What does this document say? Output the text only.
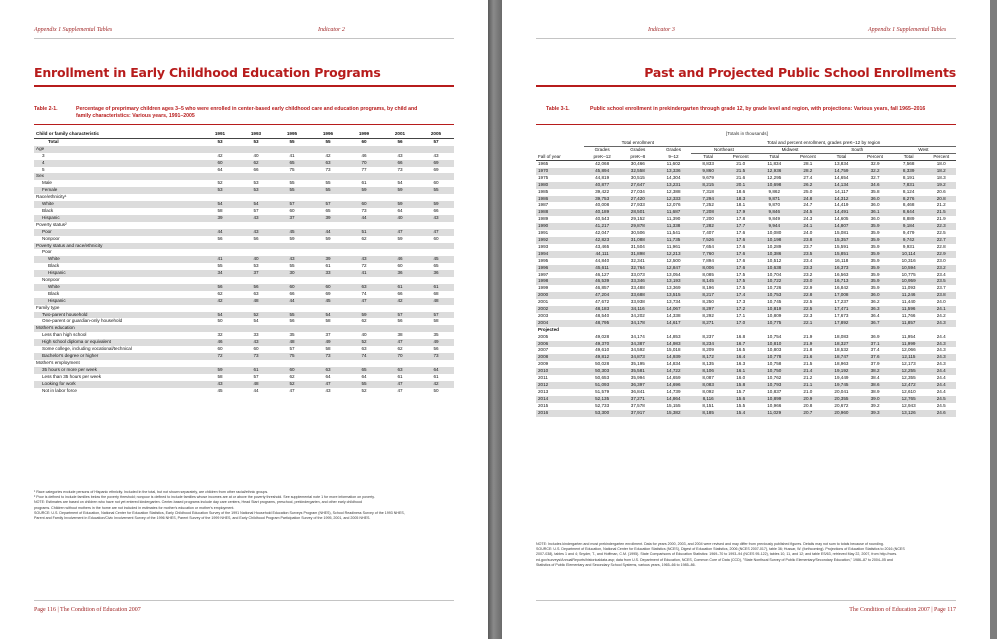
Appendix 1 Supplemental Tables	Indicator 2
Enrollment in Early Childhood Education Programs
Table 2-1.	Percentage of preprimary children ages 3–5 who were enrolled in center-based early childhood care and education programs, by child and
family characteristics: Various years, 1991–2005
Child or family characteristic	1991	1993	1995	1996	1999	2001	2005
Total	53	53	55	55	60	56	57
Age							
3	42	40	41	42	46	43	43
4	60	62	65	63	70	66	69
5	64	66	75	73	77	73	69
Sex							
Male	52	53	55	55	61	54	60
Female	53	53	55	55	59	59	55
Race/ethnicity¹							
White	54	54	57	57	60	59	59
Black	58	57	60	65	73	64	66
Hispanic	39	43	37	39	44	40	43
Poverty status²							
Poor	44	43	45	44	51	47	47
Nonpoor	56	56	59	59	62	59	60
Poverty status and race/ethnicity							
Poor							
White	41	40	43	39	43	46	45
Black	55	53	55	61	72	60	65
Hispanic	34	37	30	33	41	36	36
Nonpoor							
White	56	56	60	60	63	61	61
Black	62	63	66	69	74	66	68
Hispanic	42	48	44	45	47	42	48
Family type							
Two-parent household	54	52	55	54	59	57	57
One-parent or guardian-only household	50	54	56	58	62	56	58
Mother's education							
Less than high school	32	33	35	37	40	38	35
High school diploma or equivalent	46	43	48	49	52	47	49
Some college, including vocational/technical	60	60	57	58	63	62	56
Bachelor's degree or higher	72	73	75	73	74	70	73
Mother's employment							
35 hours or more per week	59	61	60	63	65	63	64
Less than 35 hours per week	58	57	62	64	64	61	61
Looking for work	43	48	52	47	55	47	42
Not in labor force	45	44	47	43	52	47	50
¹ Race categories exclude persons of Hispanic ethnicity. Included in the total, but not shown separately, are children from other racial/ethnic groups.
² Poor is defined to include families below the poverty threshold; nonpoor is defined to include families whose incomes are at or above the poverty threshold. See supplemental note 1 for more information on poverty.
NOTE: Estimates are based on children who have not yet entered kindergarten. Center-based programs include day care centers, Head Start programs, preschool, prekindergarten, and other early childhood
programs. Children without mothers in the home are not included in estimates for mother's education or mother's employment.
SOURCE: U.S. Department of Education, National Center for Education Statistics, Early Childhood Education Survey of the 1991 National Household Education Surveys Program (NHES), School Readiness Survey of the 1993 NHES,
Parent and Family Involvement in Education/Civic Involvement Survey of the 1996 NHES, Parent Survey of the 1999 NHES, and Early Childhood Program Participation Survey of the 1995, 2001, and 2005 NHES.
Page 116 | The Condition of Education 2007
Indicator 3	Appendix 1 Supplemental Tables
Past and Projected Public School Enrollments
Table 3-1.	Public school enrollment in prekindergarten through grade 12, by grade level and region, with projections: Various years, fall 1965–2016
[Totals in thousands]
	Total enrollment			Total and percent enrollment, grades preK–12 by region							
	Grades	Grades	Grades	Northeast		Midwest		South		West	
Fall of year	preK–12	preK–8	9–12	Total	Percent	Total	Percent	Total	Percent	Total	Percent
1965	42,068	30,466	11,602	8,833	21.0	11,834	28.1	13,834	32.9	7,568	18.0
1970	45,894	32,558	13,336	9,860	21.5	12,936	28.2	14,759	32.2	8,339	18.2
1975	44,819	30,515	14,304	9,679	21.6	12,295	27.4	14,654	32.7	8,191	18.3
1980	40,877	27,647	13,231	8,215	20.1	10,698	26.2	14,134	34.6	7,831	19.2
1985	39,422	27,034	12,388	7,318	18.6	9,862	25.0	14,117	35.8	8,124	20.6
1986	39,753	27,420	12,333	7,294	18.3	9,871	24.8	14,312	36.0	8,276	20.8
1987	40,008	27,933	12,076	7,252	18.1	9,870	24.7	14,419	36.0	8,468	21.2
1988	40,189	28,501	11,687	7,208	17.9	9,846	24.5	14,491	36.1	8,644	21.5
1989	40,543	29,152	11,390	7,200	17.8	9,849	24.3	14,605	36.0	8,889	21.9
1990	41,217	29,878	11,338	7,282	17.7	9,944	24.1	14,807	35.9	9,184	22.3
1991	42,047	30,506	11,541	7,407	17.6	10,080	24.0	15,081	35.9	9,479	22.5
1992	42,823	31,088	11,735	7,526	17.6	10,198	23.8	15,357	35.9	9,742	22.7
1993	43,465	31,504	11,961	7,654	17.6	10,289	23.7	15,591	35.9	9,931	22.8
1994	44,111	31,898	12,213	7,760	17.6	10,386	23.5	15,851	35.9	10,114	22.9
1995	44,840	32,341	12,500	7,894	17.6	10,512	23.4	16,118	35.9	10,316	23.0
1996	45,611	32,764	12,847	8,006	17.6	10,638	23.3	16,373	35.9	10,594	23.2
1997	46,127	33,073	13,054	8,085	17.5	10,704	23.2	16,563	35.9	10,775	23.4
1998	46,539	33,346	13,193	8,145	17.5	10,722	23.0	16,713	35.9	10,959	23.5
1999	46,857	33,488	13,369	8,196	17.5	10,726	22.9	16,842	35.9	11,093	23.7
2000	47,204	33,688	13,515	8,217	17.4	10,753	22.8	17,008	36.0	11,246	23.8
2001	47,672	33,938	13,734	8,250	17.3	10,745	22.5	17,237	36.2	11,440	24.0
2002	48,183	34,116	14,067	8,297	17.2	10,819	22.5	17,471	36.3	11,596	24.1
2003	48,540	34,202	14,338	8,292	17.1	10,809	22.3	17,673	36.4	11,766	24.2
2004	48,795	34,178	14,617	8,271	17.0	10,775	22.1	17,892	36.7	11,857	24.3
Projected											
2005	49,028	34,174	14,853	8,237	16.8	10,754	21.9	18,083	36.9	11,954	24.4
2006	49,370	34,387	14,983	8,234	16.7	10,810	21.9	18,327	37.1	11,999	24.3
2007	49,610	34,592	15,018	8,209	16.5	10,803	21.8	18,532	37.4	12,066	24.3
2008	49,812	34,873	14,939	8,172	16.4	10,778	21.6	18,747	37.6	12,115	24.3
2009	50,028	35,195	14,834	8,135	16.3	10,758	21.5	18,963	37.9	12,173	24.3
2010	50,303	35,581	14,722	8,106	16.1	10,750	21.4	19,192	38.2	12,255	24.4
2011	50,653	35,994	14,659	8,087	16.0	10,762	21.2	19,449	38.4	12,355	24.4
2012	51,093	36,397	14,696	8,083	15.8	10,793	21.1	19,745	38.6	12,472	24.4
2013	51,579	36,841	14,739	8,092	15.7	10,837	21.0	20,041	38.9	12,610	24.4
2014	52,135	37,271	14,864	8,116	15.6	10,899	20.9	20,355	39.0	12,765	24.5
2015	52,733	37,578	15,155	8,151	15.5	10,966	20.8	20,672	39.2	12,943	24.5
2016	53,300	37,917	15,382	8,185	15.4	11,029	20.7	20,960	39.3	13,126	24.6
NOTE: Includes kindergarten and most prekindergarten enrollment. Data for years 2000, 2003, and 2004 were revised and may differ from previously published figures. Details may not sum to totals because of rounding.
SOURCE: U.S. Department of Education, National Center for Education Statistics (NCES), Digest of Education Statistics, 2006 (NCES 2007-017), table 36; Hussar, W. (forthcoming). Projections of Education Statistics to 2016 (NCES
2007-038), tables 1 and 4; Snyder, T., and Hoffman, C.M. (1995). State Comparisons of Education Statistics: 1969–70 to 1993–94 (NCES 95-122), tables 10, 11, and 12; and table ES/63, retrieved May 22, 2007, from http://nces.
ed.gov/surveys/AnnualReports/historicaldata.asp; data from U.S. Department of Education, NCES, Common Core of Data (CCD), "State Nonfiscal Survey of Public Elementary/Secondary Education," 1986–87 to 2004–05 and
Statistics of Public Elementary and Secondary School Systems, various years, 1965–66 to 1985–86.
The Condition of Education 2007 | Page 117
